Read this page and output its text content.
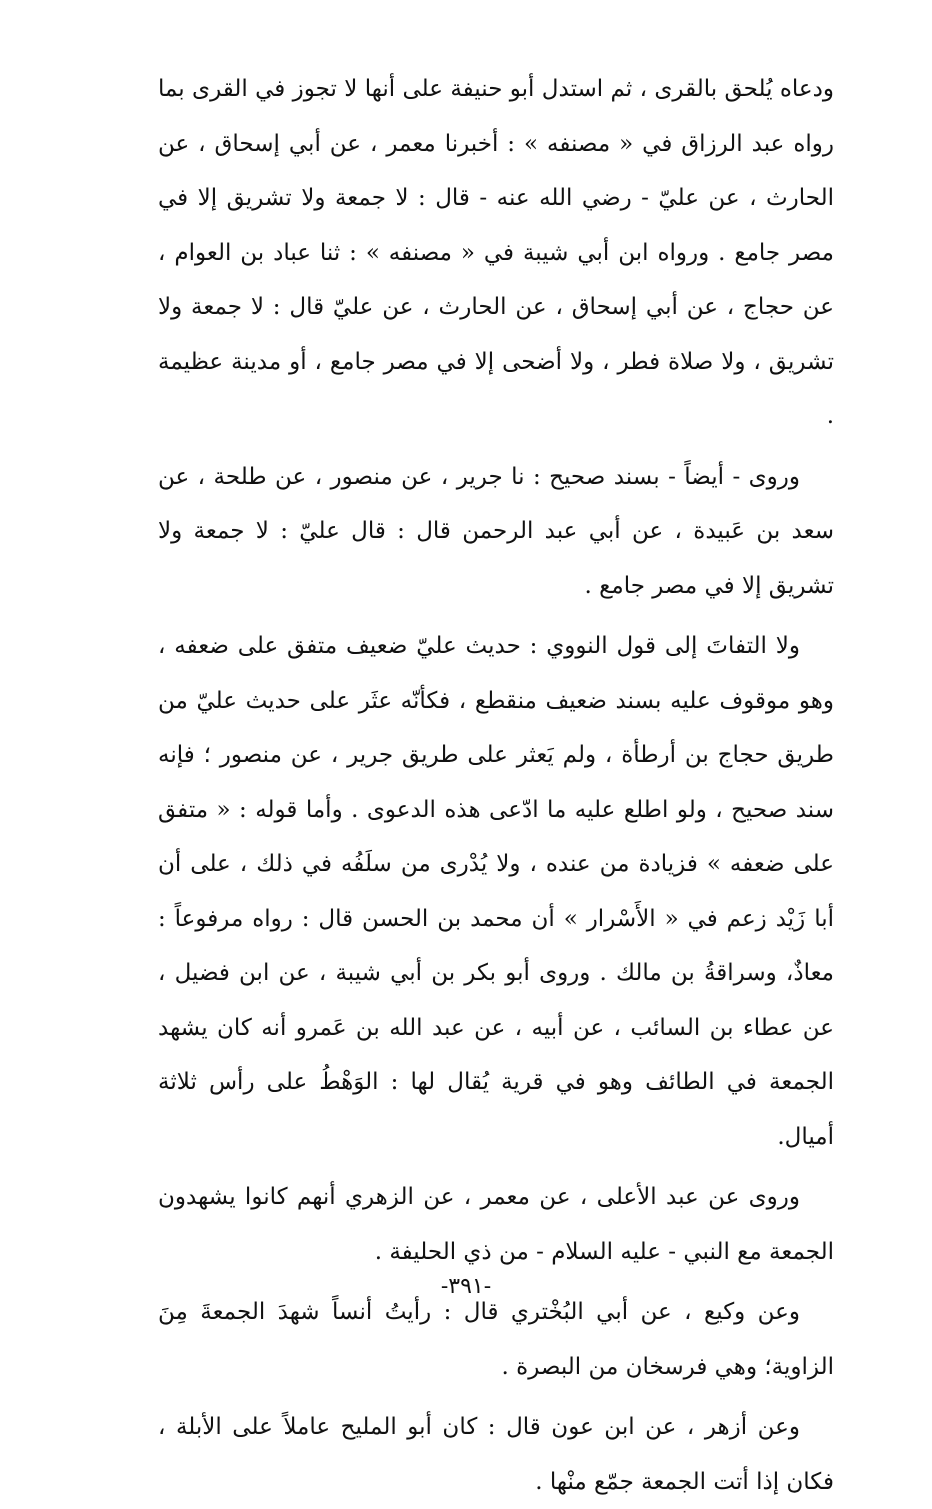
ودعاه يُلحق بالقرى ، ثم استدل أبو حنيفة على أنها لا تجوز في القرى بما رواه عبد الرزاق في « مصنفه » : أخبرنا معمر ، عن أبي إسحاق ، عن الحارث ، عن عليّ - رضي الله عنه - قال : لا جمعة ولا تشريق إلا في مصر جامع . ورواه ابن أبي شيبة في « مصنفه » : ثنا عباد بن العوام ، عن حجاج ، عن أبي إسحاق ، عن الحارث ، عن عليّ قال : لا جمعة ولا تشريق ، ولا صلاة فطر ، ولا أضحى إلا في مصر جامع ، أو مدينة عظيمة .

وروى - أيضاً - بسند صحيح : نا جرير ، عن منصور ، عن طلحة ، عن سعد بن عَبيدة ، عن أبي عبد الرحمن قال : قال عليّ : لا جمعة ولا تشريق إلا في مصر جامع .

ولا التفاتَ إلى قول النووي : حديث عليّ ضعيف متفق على ضعفه ، وهو موقوف عليه بسند ضعيف منقطع ، فكأنّه عثَر على حديث عليّ من طريق حجاج بن أرطأة ، ولم يَعثر على طريق جرير ، عن منصور ؛ فإنه سند صحيح ، ولو اطلع عليه ما ادّعى هذه الدعوى . وأما قوله : « متفق على ضعفه » فزيادة من عنده ، ولا يُدْرى من سلَفُه في ذلك ، على أن أبا زَيْد زعم في « الأَسْرار » أن محمد بن الحسن قال : رواه مرفوعاً : معاذٌ، وسراقةُ بن مالك . وروى أبو بكر بن أبي شيبة ، عن ابن فضيل ، عن عطاء بن السائب ، عن أبيه ، عن عبد الله بن عَمرو أنه كان يشهد الجمعة في الطائف وهو في قرية يُقال لها : الوَهْطُ على رأس ثلاثة أميال.

وروى عن عبد الأعلى ، عن معمر ، عن الزهري أنهم كانوا يشهدون الجمعة مع النبي - عليه السلام - من ذي الحليفة .

وعن وكيع ، عن أبي البُخْتري قال : رأيتُ أنساً شهدَ الجمعةَ مِنَ الزاوية؛ وهي فرسخان من البصرة .

وعن أزهر ، عن ابن عون قال : كان أبو المليح عاملاً على الأبلة ، فكان إذا أتت الجمعة جمّع منْها .

-٣٩١-
